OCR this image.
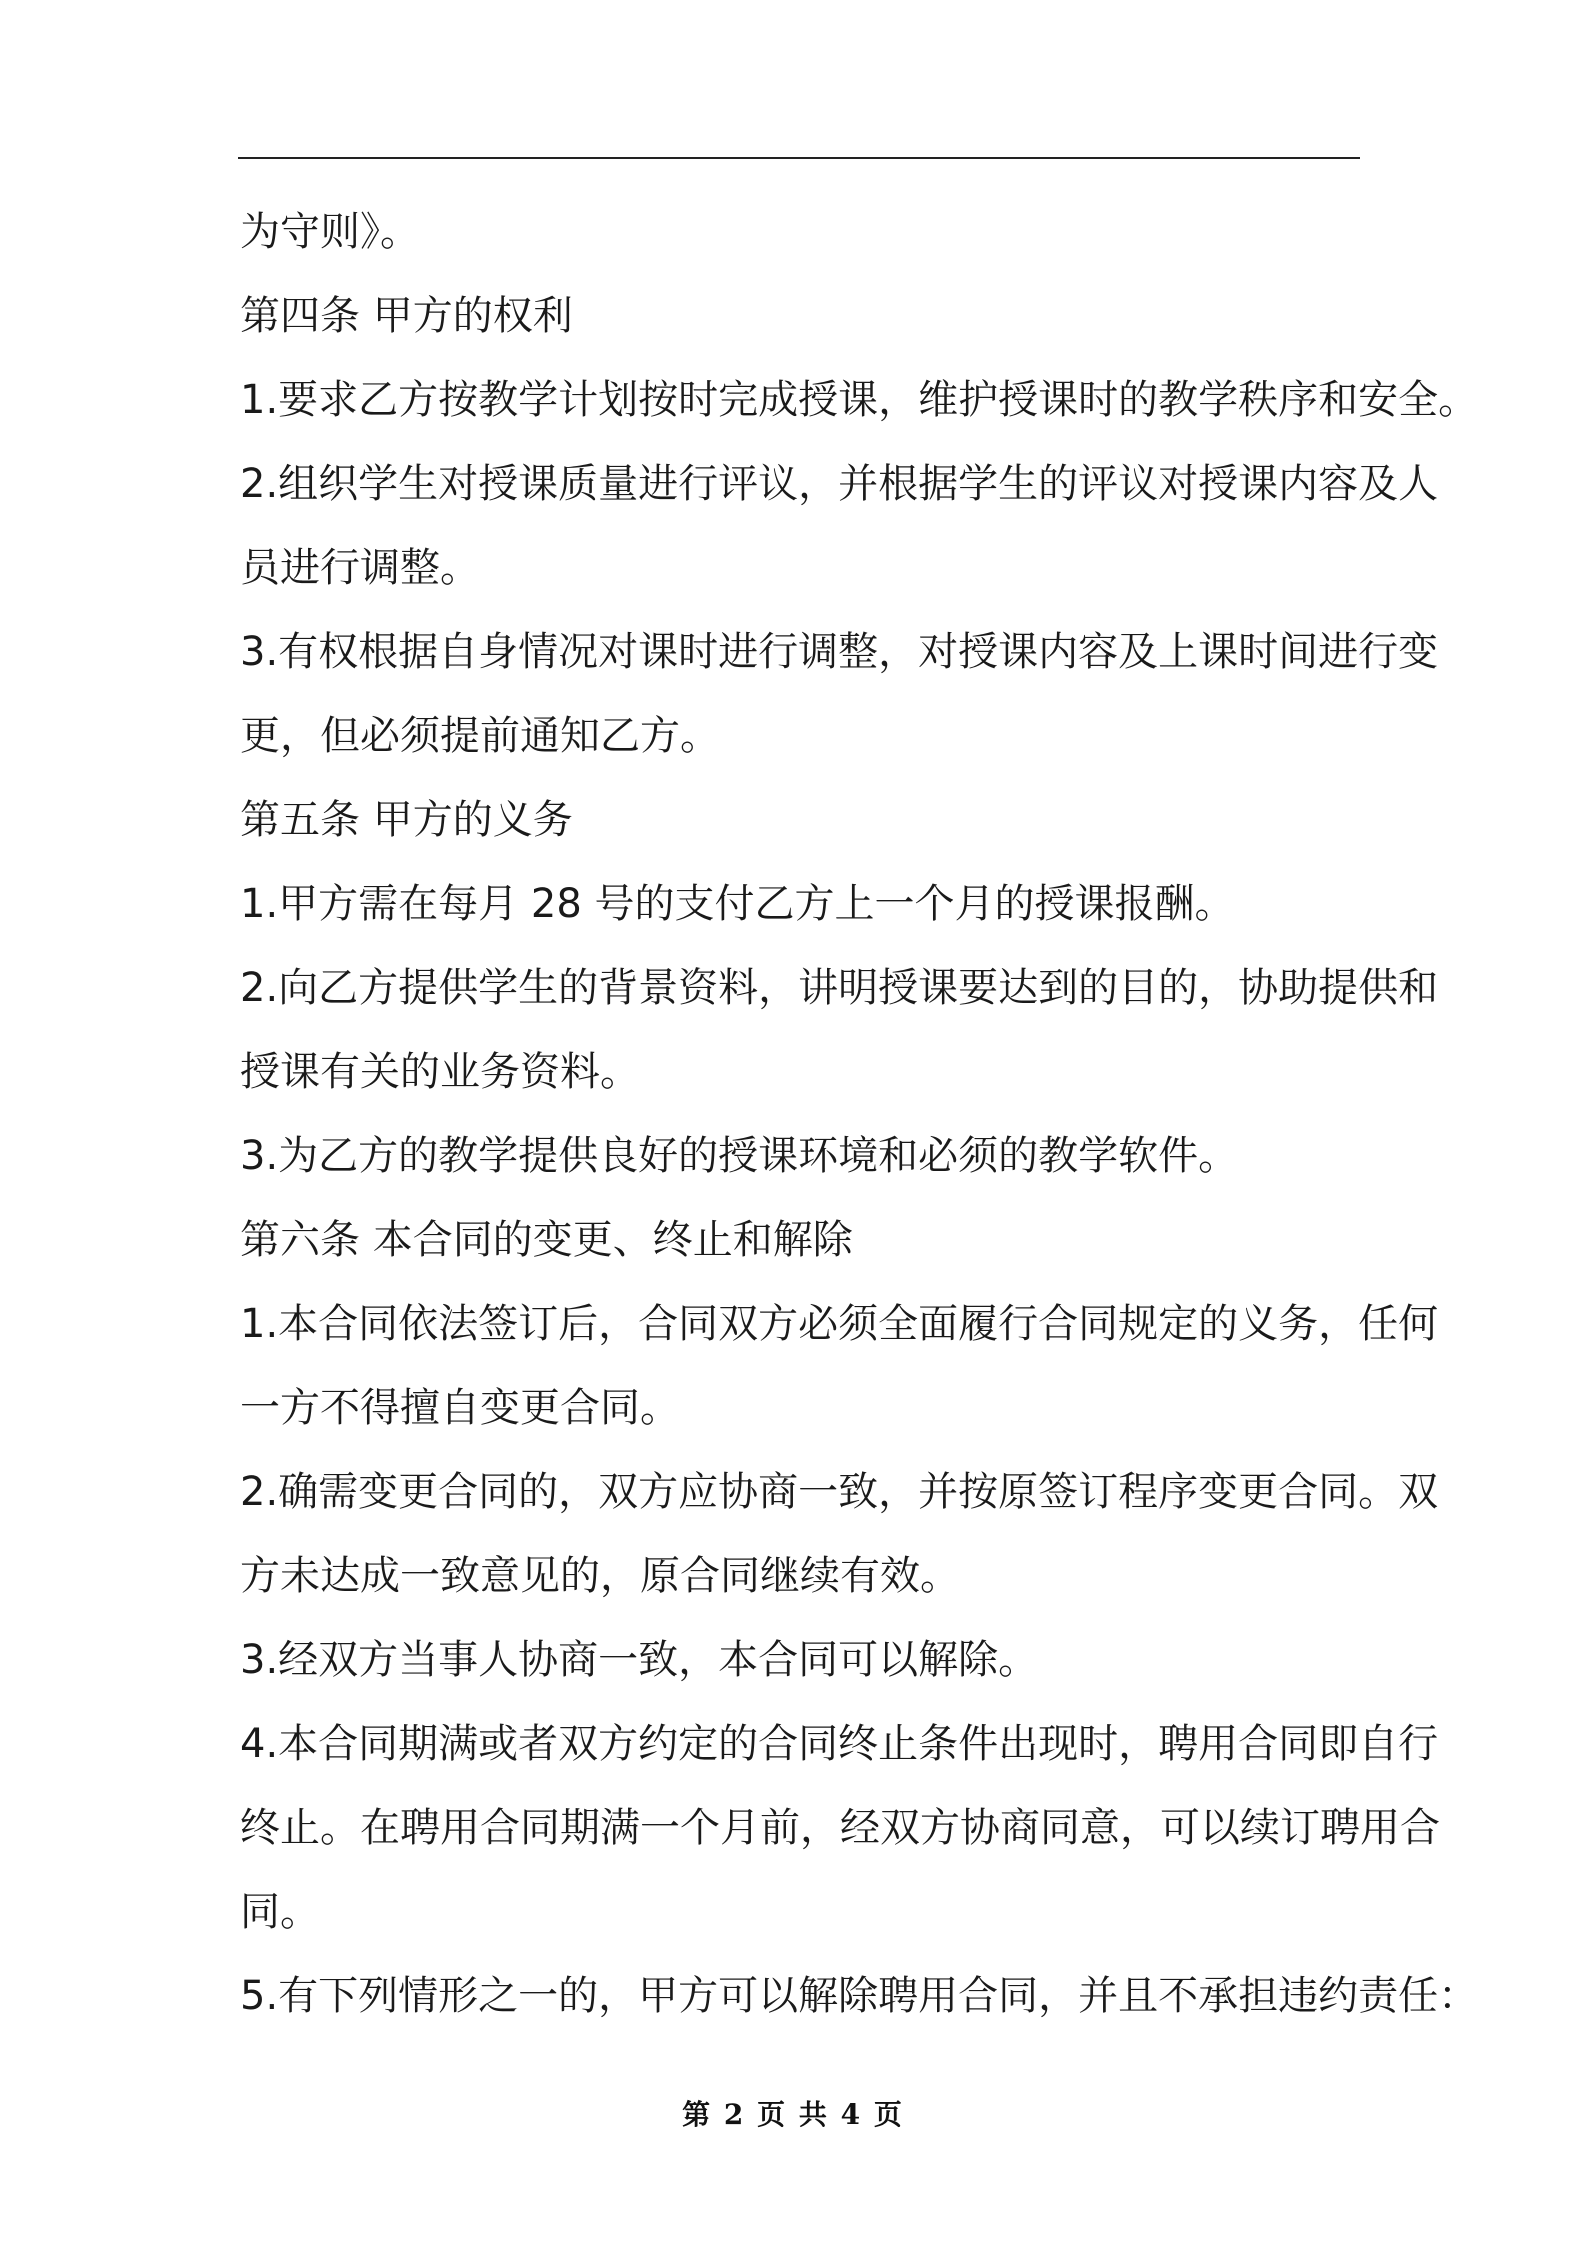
为守则》。
第四条 甲方的权利
1.要求乙方按教学计划按时完成授课，维护授课时的教学秩序和安全。
2.组织学生对授课质量进行评议，并根据学生的评议对授课内容及人
员进行调整。
3.有权根据自身情况对课时进行调整，对授课内容及上课时间进行变
更，但必须提前通知乙方。
第五条 甲方的义务
1.甲方需在每月 28 号的支付乙方上一个月的授课报酬。
2.向乙方提供学生的背景资料，讲明授课要达到的目的，协助提供和
授课有关的业务资料。
3.为乙方的教学提供良好的授课环境和必须的教学软件。
第六条 本合同的变更、终止和解除
1.本合同依法签订后，合同双方必须全面履行合同规定的义务，任何
一方不得擅自变更合同。
2.确需变更合同的，双方应协商一致，并按原签订程序变更合同。双
方未达成一致意见的，原合同继续有效。
3.经双方当事人协商一致，本合同可以解除。
4.本合同期满或者双方约定的合同终止条件出现时，聘用合同即自行
终止。在聘用合同期满一个月前，经双方协商同意，可以续订聘用合
同。
5.有下列情形之一的，甲方可以解除聘用合同，并且不承担违约责任：
第 2 页 共 4 页
